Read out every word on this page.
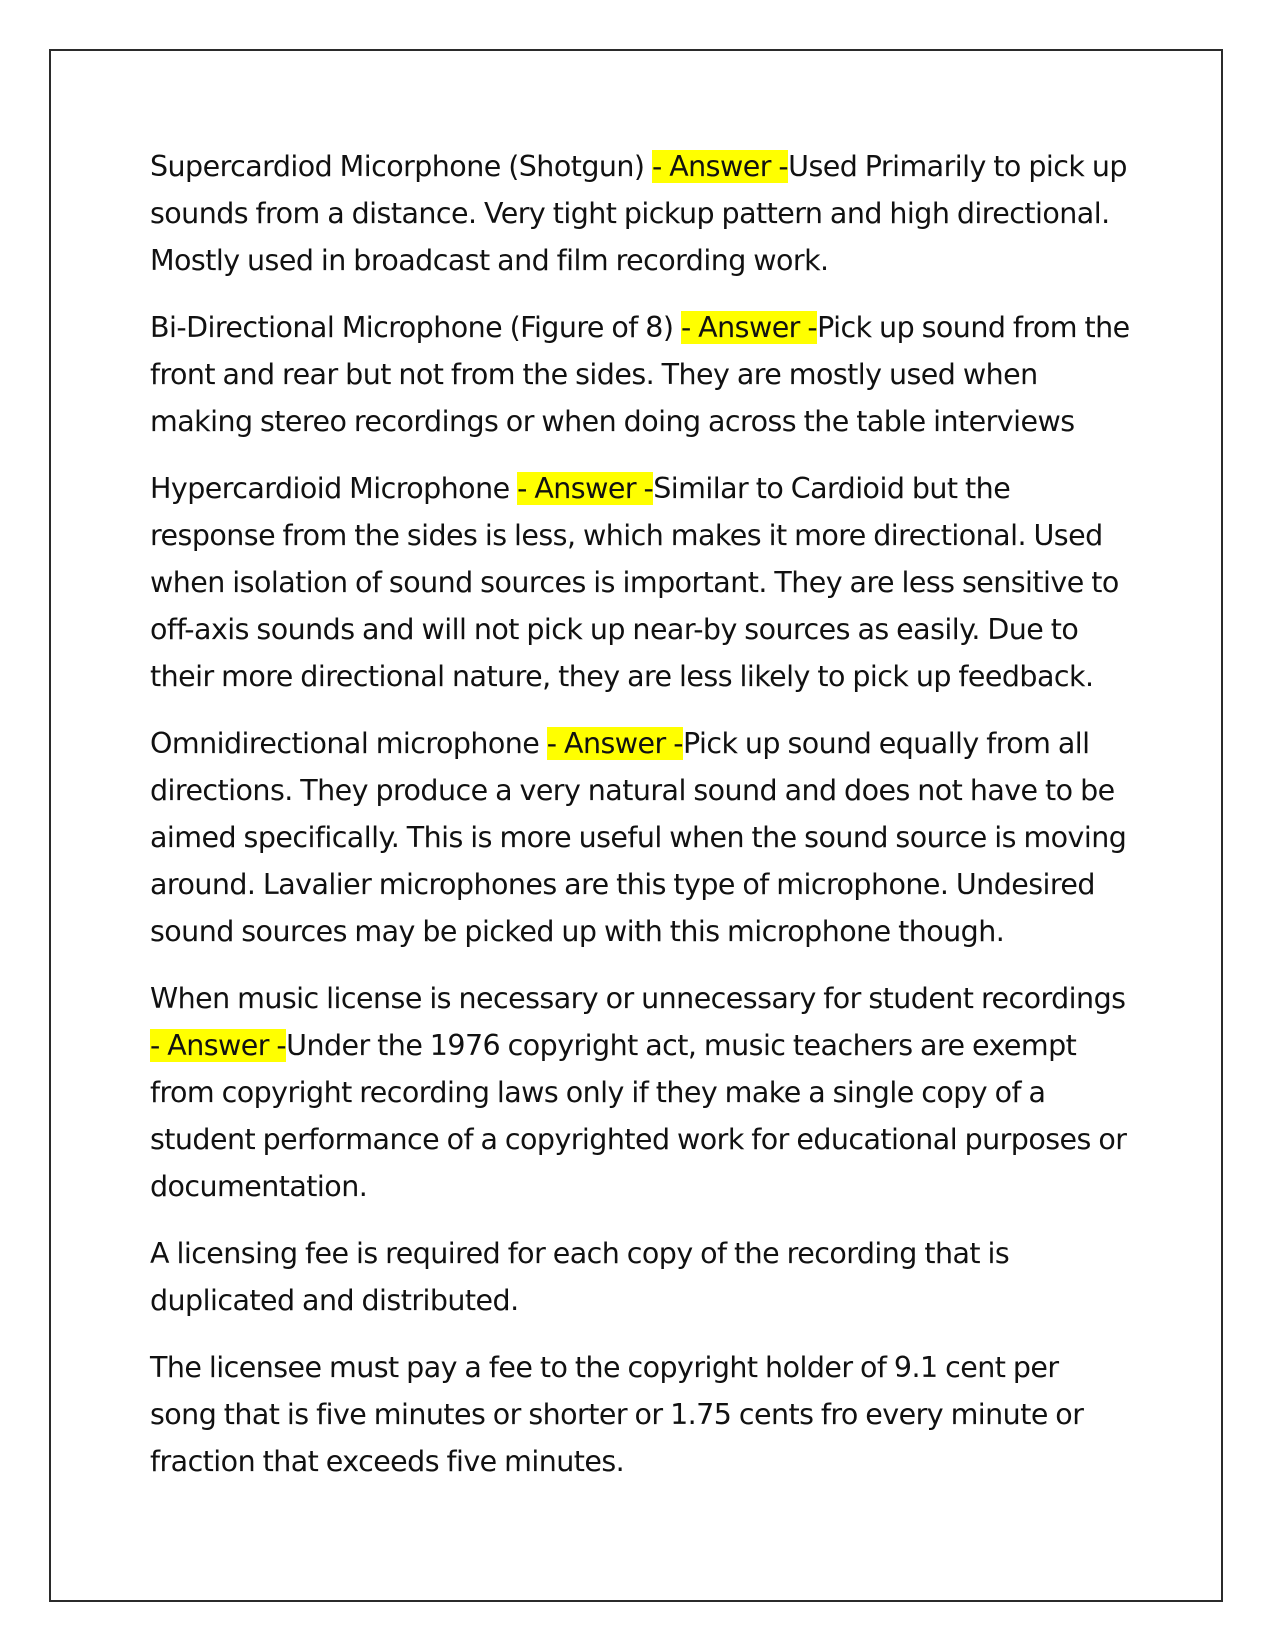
Supercardiod Micorphone (Shotgun) - Answer -Used Primarily to pick up sounds from a distance. Very tight pickup pattern and high directional. Mostly used in broadcast and film recording work.

Bi-Directional Microphone (Figure of 8) - Answer -Pick up sound from the front and rear but not from the sides. They are mostly used when making stereo recordings or when doing across the table interviews

Hypercardioid Microphone - Answer -Similar to Cardioid but the response from the sides is less, which makes it more directional. Used when isolation of sound sources is important. They are less sensitive to off-axis sounds and will not pick up near-by sources as easily. Due to their more directional nature, they are less likely to pick up feedback.

Omnidirectional microphone - Answer -Pick up sound equally from all directions. They produce a very natural sound and does not have to be aimed specifically. This is more useful when the sound source is moving around. Lavalier microphones are this type of microphone. Undesired sound sources may be picked up with this microphone though.

When music license is necessary or unnecessary for student recordings - Answer -Under the 1976 copyright act, music teachers are exempt from copyright recording laws only if they make a single copy of a student performance of a copyrighted work for educational purposes or documentation.

A licensing fee is required for each copy of the recording that is duplicated and distributed.

The licensee must pay a fee to the copyright holder of 9.1 cent per song that is five minutes or shorter or 1.75 cents fro every minute or fraction that exceeds five minutes.
